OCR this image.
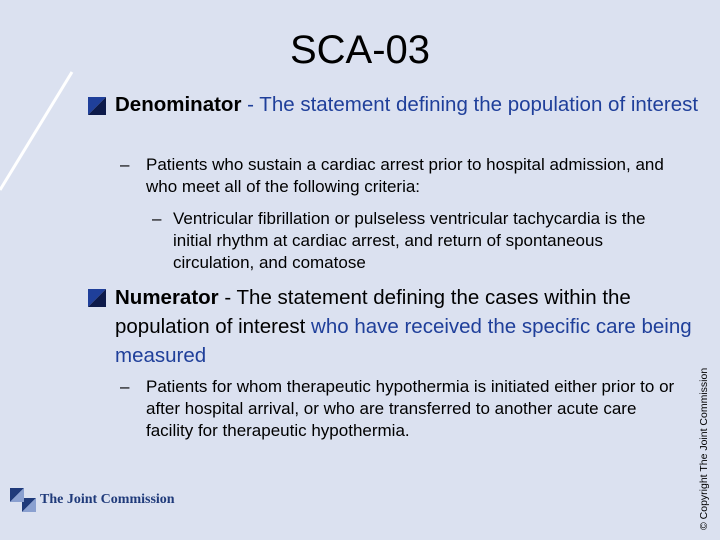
SCA-03
Denominator - The statement defining the population of interest
– Patients who sustain a cardiac arrest prior to hospital admission, and who meet all of the following criteria:
– Ventricular fibrillation or pulseless ventricular tachycardia is the initial rhythm at cardiac arrest, and return of spontaneous circulation, and comatose
Numerator - The statement defining the cases within the population of interest who have received the specific care being measured
– Patients for whom therapeutic hypothermia is initiated either prior to or after hospital arrival, or who are transferred to another acute care facility for therapeutic hypothermia.	© Copyright The Joint Commission
The Joint Commission
